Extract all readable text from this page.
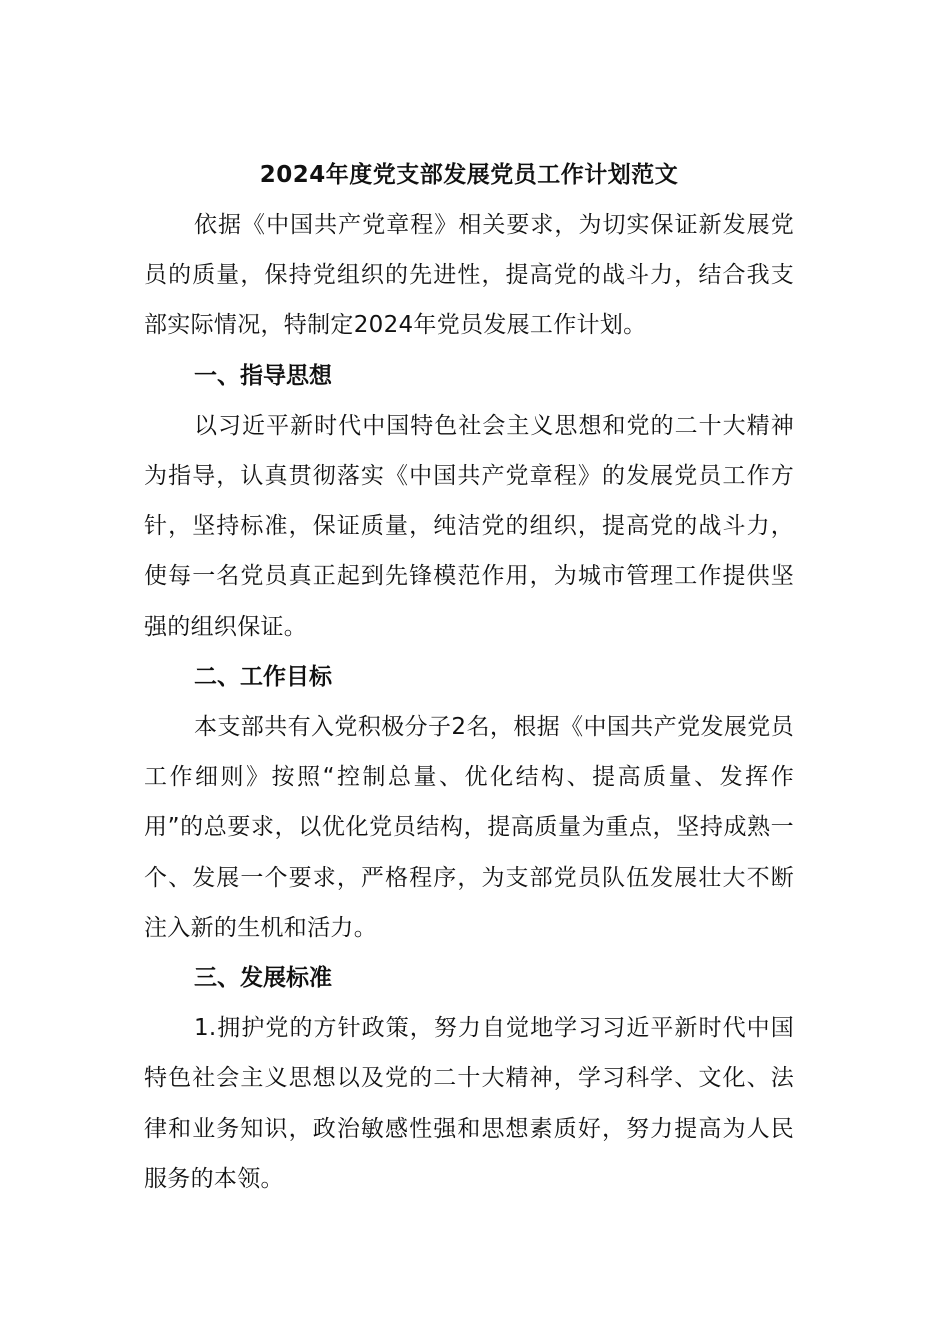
2024年度党支部发展党员工作计划范文

依据《中国共产党章程》相关要求，为切实保证新发展党员的质量，保持党组织的先进性，提高党的战斗力，结合我支部实际情况，特制定2024年党员发展工作计划。

一、指导思想

以习近平新时代中国特色社会主义思想和党的二十大精神为指导，认真贯彻落实《中国共产党章程》的发展党员工作方针，坚持标准，保证质量，纯洁党的组织，提高党的战斗力，使每一名党员真正起到先锋模范作用，为城市管理工作提供坚强的组织保证。

二、工作目标

本支部共有入党积极分子2名，根据《中国共产党发展党员工作细则》按照“控制总量、优化结构、提高质量、发挥作用”的总要求，以优化党员结构，提高质量为重点，坚持成熟一个、发展一个要求，严格程序，为支部党员队伍发展壮大不断注入新的生机和活力。

三、发展标准

1.拥护党的方针政策，努力自觉地学习习近平新时代中国特色社会主义思想以及党的二十大精神，学习科学、文化、法律和业务知识，政治敏感性强和思想素质好，努力提高为人民服务的本领。
